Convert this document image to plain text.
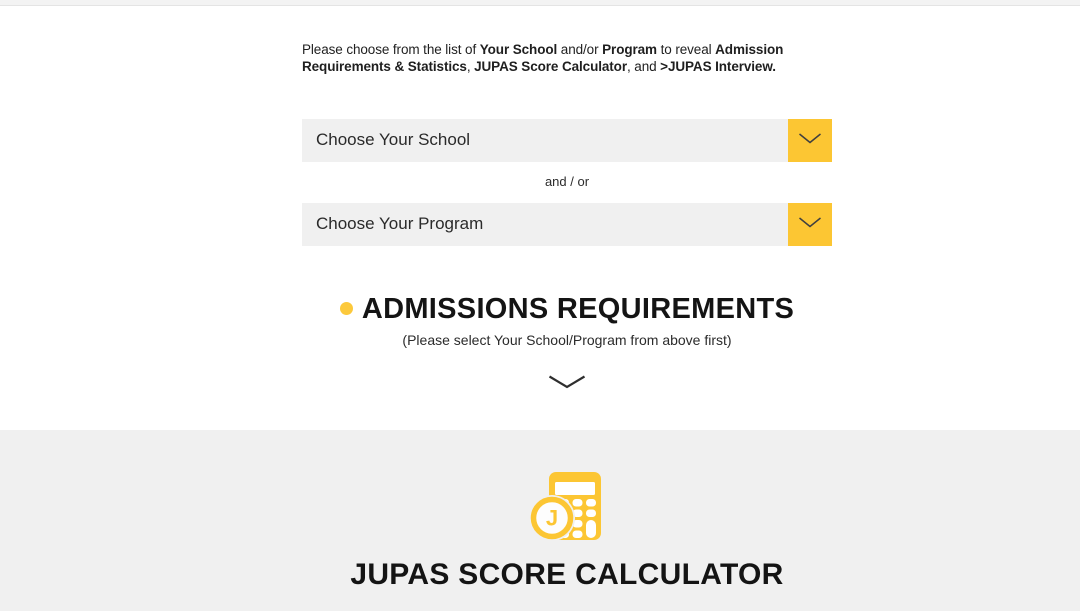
Please choose from the list of Your School and/or Program to reveal Admission
Requirements & Statistics, JUPAS Score Calculator, and >JUPAS Interview.

Choose Your School
and / or
Choose Your Program
ADMISSIONS REQUIREMENTS

(Please select Your School/Program from above first)

J
JUPAS SCORE CALCULATOR
